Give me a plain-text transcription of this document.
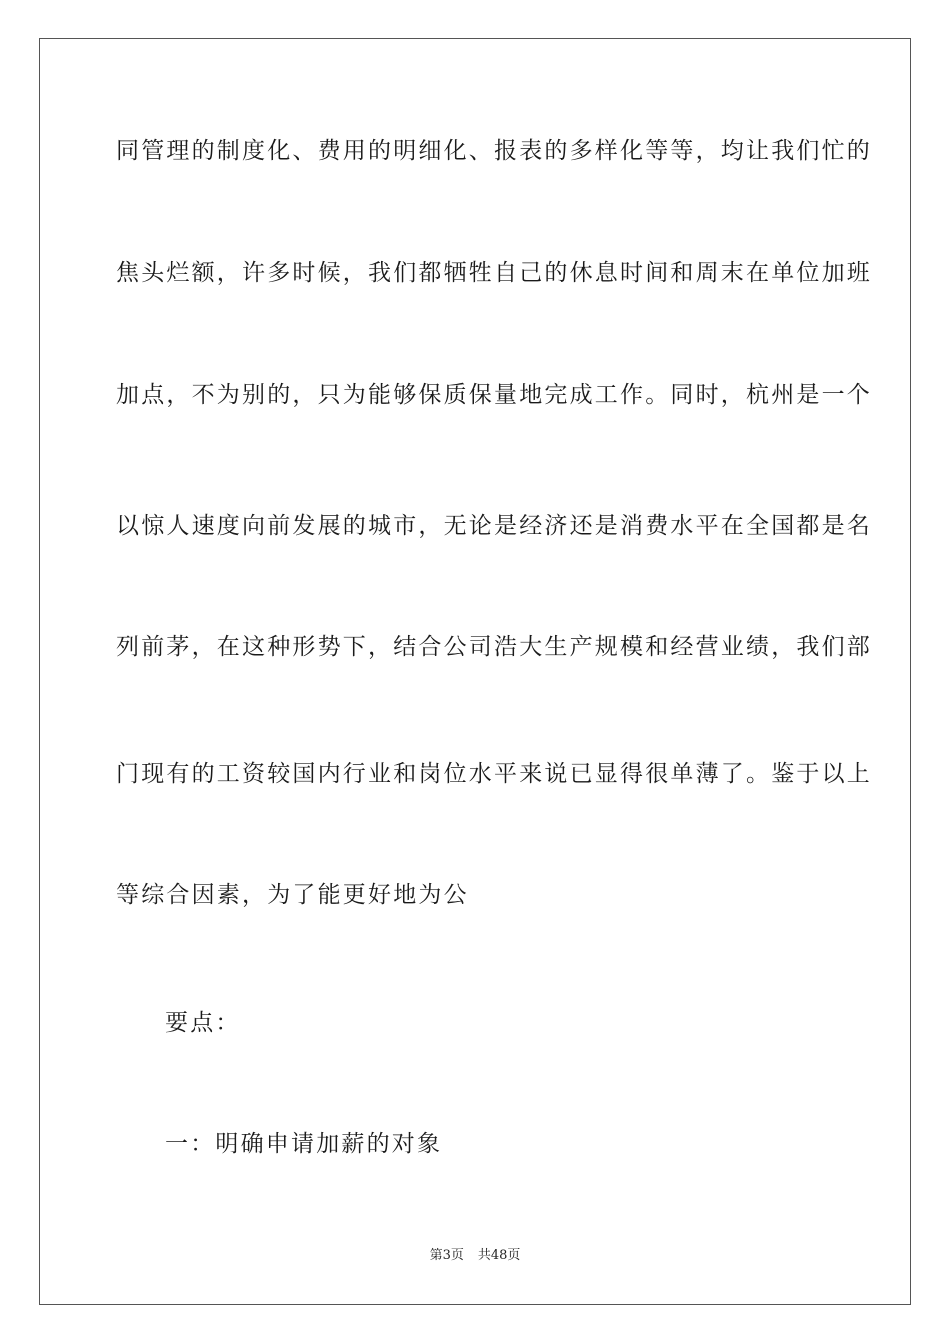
同管理的制度化、费用的明细化、报表的多样化等等，均让我们忙的
焦头烂额，许多时候，我们都牺牲自己的休息时间和周末在单位加班
加点，不为别的，只为能够保质保量地完成工作。同时，杭州是一个
以惊人速度向前发展的城市，无论是经济还是消费水平在全国都是名
列前茅，在这种形势下，结合公司浩大生产规模和经营业绩，我们部
门现有的工资较国内行业和岗位水平来说已显得很单薄了。鉴于以上
等综合因素，为了能更好地为公
要点：
一：明确申请加薪的对象
第3页 共48页
